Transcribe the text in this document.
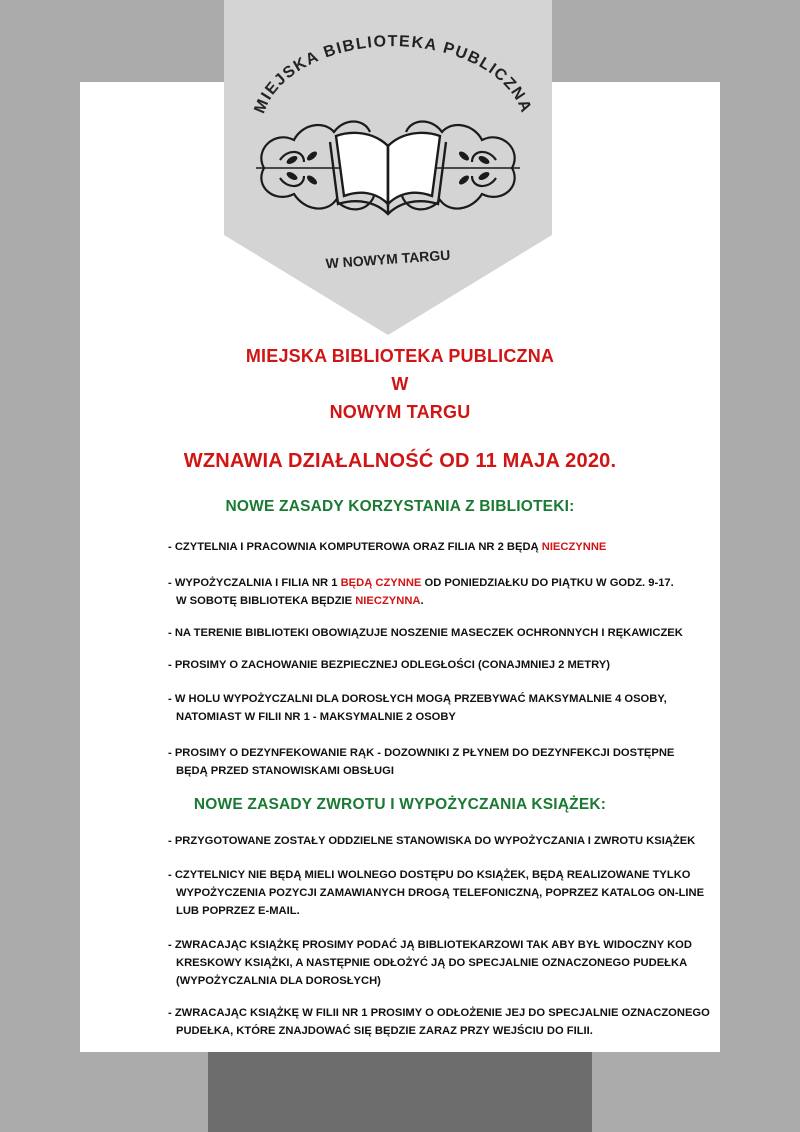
MIEJSKA BIBLIOTEKA PUBLICZNA
W NOWYM TARGU
MIEJSKA BIBLIOTEKA PUBLICZNA
W
NOWYM TARGU
WZNAWIA DZIAŁALNOŚĆ OD 11 MAJA 2020.
NOWE ZASADY KORZYSTANIA Z BIBLIOTEKI:
- CZYTELNIA I PRACOWNIA KOMPUTEROWA ORAZ FILIA NR 2 BĘDĄ NIECZYNNE
- WYPOŻYCZALNIA I FILIA NR 1 BĘDĄ CZYNNE OD PONIEDZIAŁKU DO PIĄTKU W GODZ. 9-17.
W SOBOTĘ BIBLIOTEKA BĘDZIE NIECZYNNA.
- NA TERENIE BIBLIOTEKI OBOWIĄZUJE NOSZENIE MASECZEK OCHRONNYCH I RĘKAWICZEK
- PROSIMY O ZACHOWANIE BEZPIECZNEJ ODLEGŁOŚCI (CONAJMNIEJ 2 METRY)
- W HOLU WYPOŻYCZALNI DLA DOROSŁYCH MOGĄ PRZEBYWAĆ MAKSYMALNIE 4 OSOBY,
NATOMIAST W FILII NR 1 - MAKSYMALNIE 2 OSOBY
- PROSIMY O DEZYNFEKOWANIE RĄK - DOZOWNIKI Z PŁYNEM DO DEZYNFEKCJI DOSTĘPNE
BĘDĄ PRZED STANOWISKAMI OBSŁUGI
NOWE ZASADY ZWROTU I WYPOŻYCZANIA KSIĄŻEK:
- PRZYGOTOWANE ZOSTAŁY ODDZIELNE STANOWISKA DO WYPOŻYCZANIA I ZWROTU KSIĄŻEK
- CZYTELNICY NIE BĘDĄ MIELI WOLNEGO DOSTĘPU DO KSIĄŻEK, BĘDĄ REALIZOWANE TYLKO
WYPOŻYCZENIA POZYCJI ZAMAWIANYCH DROGĄ TELEFONICZNĄ, POPRZEZ KATALOG ON-LINE
LUB POPRZEZ E-MAIL.
- ZWRACAJĄC KSIĄŻKĘ PROSIMY PODAĆ JĄ BIBLIOTEKARZOWI TAK ABY BYŁ WIDOCZNY KOD
KRESKOWY KSIĄŻKI, A NASTĘPNIE ODŁOŻYĆ JĄ DO SPECJALNIE OZNACZONEGO PUDEŁKA
(WYPOŻYCZALNIA DLA DOROSŁYCH)
- ZWRACAJĄC KSIĄŻKĘ W FILII NR 1 PROSIMY O ODŁOŻENIE JEJ DO SPECJALNIE OZNACZONEGO
PUDEŁKA, KTÓRE ZNAJDOWAĆ SIĘ BĘDZIE ZARAZ PRZY WEJŚCIU DO FILII.
